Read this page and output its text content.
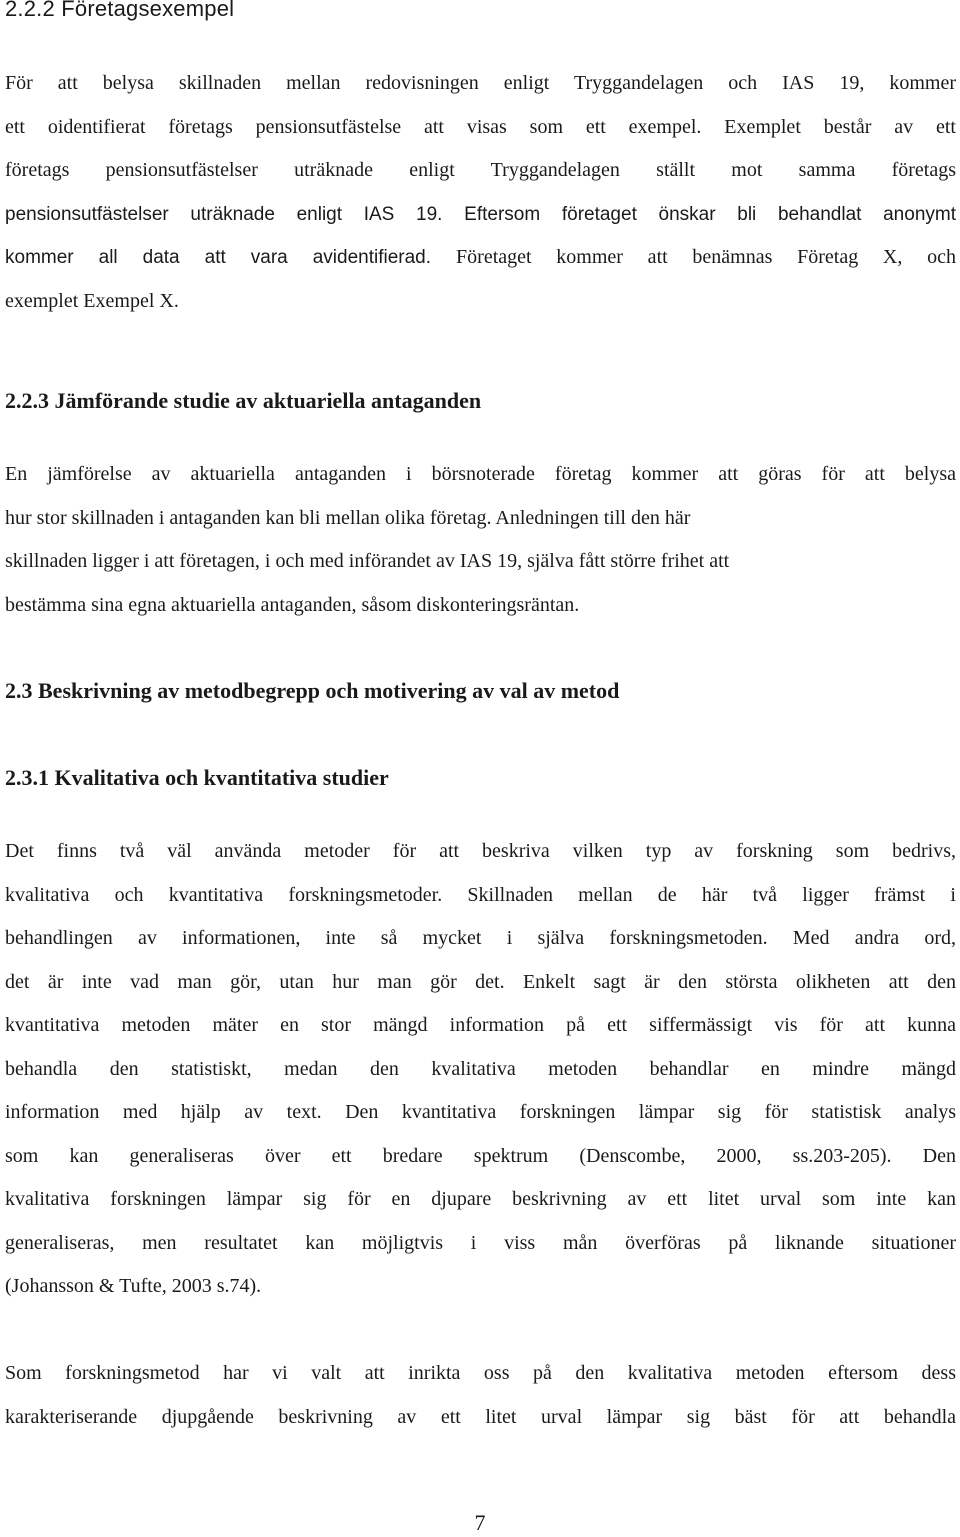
2.2.2 Företagsexempel
För att belysa skillnaden mellan redovisningen enligt Tryggandelagen och IAS 19, kommer
ett oidentifierat företags pensionsutfästelse att visas som ett exempel. Exemplet består av ett
företags pensionsutfästelser uträknade enligt Tryggandelagen ställt mot samma företags
pensionsutfästelser uträknade enligt IAS 19. Eftersom företaget önskar bli behandlat anonymt
kommer all data att vara avidentifierad. Företaget kommer att benämnas Företag X, och
exemplet Exempel X.
2.2.3 Jämförande studie av aktuariella antaganden
En jämförelse av aktuariella antaganden i börsnoterade företag kommer att göras för att belysa
hur stor skillnaden i antaganden kan bli mellan olika företag. Anledningen till den här
skillnaden ligger i att företagen, i och med införandet av IAS 19, själva fått större frihet att
bestämma sina egna aktuariella antaganden, såsom diskonteringsräntan.
2.3 Beskrivning av metodbegrepp och motivering av val av metod
2.3.1 Kvalitativa och kvantitativa studier
Det finns två väl använda metoder för att beskriva vilken typ av forskning som bedrivs,
kvalitativa och kvantitativa forskningsmetoder. Skillnaden mellan de här två ligger främst i
behandlingen av informationen, inte så mycket i själva forskningsmetoden. Med andra ord,
det är inte vad man gör, utan hur man gör det. Enkelt sagt är den största olikheten att den
kvantitativa metoden mäter en stor mängd information på ett siffermässigt vis för att kunna
behandla den statistiskt, medan den kvalitativa metoden behandlar en mindre mängd
information med hjälp av text. Den kvantitativa forskningen lämpar sig för statistisk analys
som kan generaliseras över ett bredare spektrum (Denscombe, 2000, ss.203-205). Den
kvalitativa forskningen lämpar sig för en djupare beskrivning av ett litet urval som inte kan
generaliseras, men resultatet kan möjligtvis i viss mån överföras på liknande situationer
(Johansson & Tufte, 2003 s.74).
Som forskningsmetod har vi valt att inrikta oss på den kvalitativa metoden eftersom dess
karakteriserande djupgående beskrivning av ett litet urval lämpar sig bäst för att behandla
7
